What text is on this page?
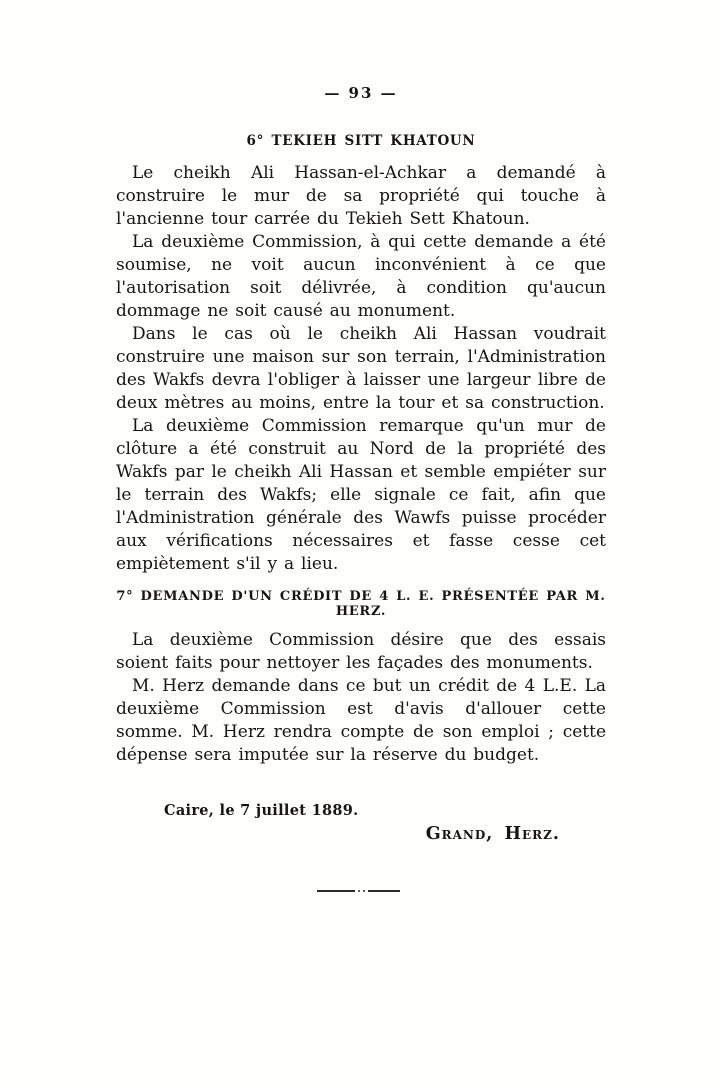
— 93 —
6° TEKIEH SITT KHATOUN

Le cheikh Ali Hassan-el-Achkar a demandé à construire le mur de sa propriété qui touche à l'ancienne tour carrée du Tekieh Sett Khatoun.

La deuxième Commission, à qui cette demande a été soumise, ne voit aucun inconvénient à ce que l'autorisation soit délivrée, à condition qu'aucun dommage ne soit causé au monument.

Dans le cas où le cheikh Ali Hassan voudrait construire une maison sur son terrain, l'Administration des Wakfs devra l'obliger à laisser une largeur libre de deux mètres au moins, entre la tour et sa construction.

La deuxième Commission remarque qu'un mur de clôture a été construit au Nord de la propriété des Wakfs par le cheikh Ali Hassan et semble empiéter sur le terrain des Wakfs; elle signale ce fait, afin que l'Administration générale des Wawfs puisse procéder aux vérifications nécessaires et fasse cesse cet empiètement s'il y a lieu.

7° DEMANDE D'UN CRÉDIT DE 4 L. E. PRÉSENTÉE PAR M. HERZ.

La deuxième Commission désire que des essais soient faits pour nettoyer les façades des monuments.

M. Herz demande dans ce but un crédit de 4 L.E. La deuxième Commission est d'avis d'allouer cette somme. M. Herz rendra compte de son emploi ; cette dépense sera imputée sur la réserve du budget.

Caire, le 7 juillet 1889.
Grand, Herz.
